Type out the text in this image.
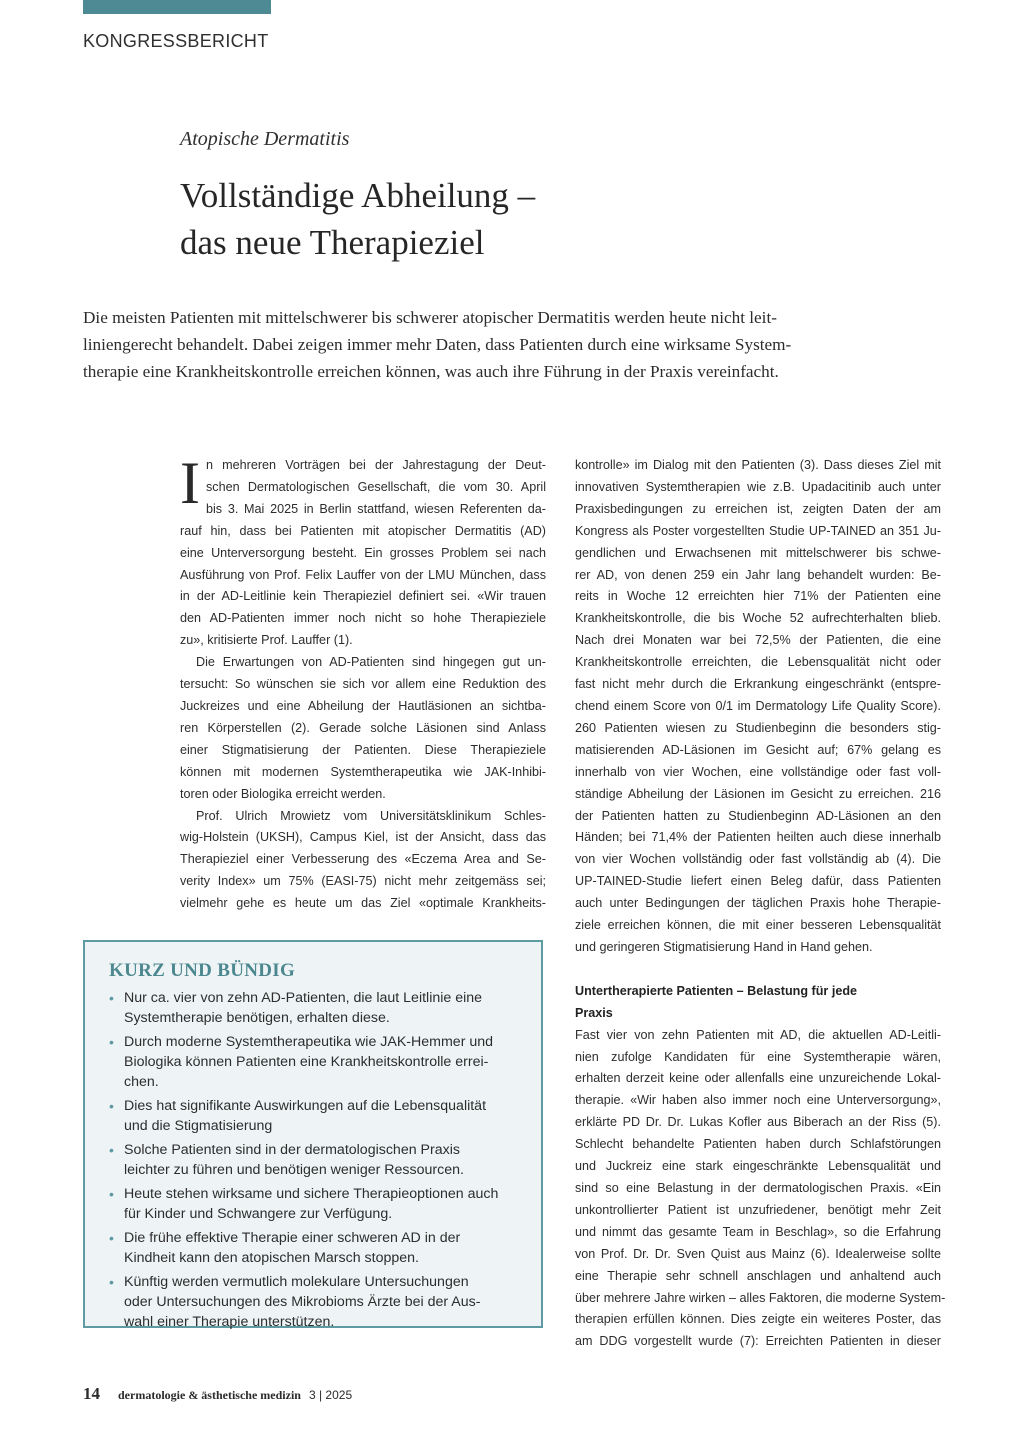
KONGRESSBERICHT
Atopische Dermatitis
Vollständige Abheilung –
das neue Therapieziel
Die meisten Patienten mit mittelschwerer bis schwerer atopischer Dermatitis werden heute nicht leit-
liniengerecht behandelt. Dabei zeigen immer mehr Daten, dass Patienten durch eine wirksame System-
therapie eine Krankheitskontrolle erreichen können, was auch ihre Führung in der Praxis vereinfacht.

I n mehreren Vorträgen bei der Jahrestagung der Deut-
schen Dermatologischen Gesellschaft, die vom 30. April
bis 3. Mai 2025 in Berlin stattfand, wiesen Referenten da-
rauf hin, dass bei Patienten mit atopischer Dermatitis (AD)
eine Unterversorgung besteht. Ein grosses Problem sei nach
Ausführung von Prof. Felix Lauffer von der LMU München, dass
in der AD-Leitlinie kein Therapieziel definiert sei. «Wir trauen
den AD-Patienten immer noch nicht so hohe Therapieziele
zu», kritisierte Prof. Lauffer (1).

Die Erwartungen von AD-Patienten sind hingegen gut un-
tersucht: So wünschen sie sich vor allem eine Reduktion des
Juckreizes und eine Abheilung der Hautläsionen an sichtba-
ren Körperstellen (2). Gerade solche Läsionen sind Anlass
einer Stigmatisierung der Patienten. Diese Therapieziele
können mit modernen Systemtherapeutika wie JAK-Inhibi-
toren oder Biologika erreicht werden.

Prof. Ulrich Mrowietz vom Universitätsklinikum Schles-
wig-Holstein (UKSH), Campus Kiel, ist der Ansicht, dass das
Therapieziel einer Verbesserung des «Eczema Area and Se-
verity Index» um 75% (EASI-75) nicht mehr zeitgemäss sei;
vielmehr gehe es heute um das Ziel «optimale Krankheits-

kontrolle» im Dialog mit den Patienten (3). Dass dieses Ziel mit
innovativen Systemtherapien wie z.B. Upadacitinib auch unter
Praxisbedingungen zu erreichen ist, zeigten Daten der am
Kongress als Poster vorgestellten Studie UP-TAINED an 351 Ju-
gendlichen und Erwachsenen mit mittelschwerer bis schwe-
rer AD, von denen 259 ein Jahr lang behandelt wurden: Be-
reits in Woche 12 erreichten hier 71% der Patienten eine
Krankheitskontrolle, die bis Woche 52 aufrechterhalten blieb.
Nach drei Monaten war bei 72,5% der Patienten, die eine
Krankheitskontrolle erreichten, die Lebensqualität nicht oder
fast nicht mehr durch die Erkrankung eingeschränkt (entspre-
chend einem Score von 0/1 im Dermatology Life Quality Score).
260 Patienten wiesen zu Studienbeginn die besonders stig-
matisierenden AD-Läsionen im Gesicht auf; 67% gelang es
innerhalb von vier Wochen, eine vollständige oder fast voll-
ständige Abheilung der Läsionen im Gesicht zu erreichen. 216
der Patienten hatten zu Studienbeginn AD-Läsionen an den
Händen; bei 71,4% der Patienten heilten auch diese innerhalb
von vier Wochen vollständig oder fast vollständig ab (4). Die
UP-TAINED-Studie liefert einen Beleg dafür, dass Patienten
auch unter Bedingungen der täglichen Praxis hohe Therapie-
ziele erreichen können, die mit einer besseren Lebensqualität
und geringeren Stigmatisierung Hand in Hand gehen.

Untertherapierte Patienten – Belastung für jede
Praxis

Fast vier von zehn Patienten mit AD, die aktuellen AD-Leitli-
nien zufolge Kandidaten für eine Systemtherapie wären,
erhalten derzeit keine oder allenfalls eine unzureichende Lokal-
therapie. «Wir haben also immer noch eine Unterversorgung»,
erklärte PD Dr. Dr. Lukas Kofler aus Biberach an der Riss (5).
Schlecht behandelte Patienten haben durch Schlafstörungen
und Juckreiz eine stark eingeschränkte Lebensqualität und
sind so eine Belastung in der dermatologischen Praxis. «Ein
unkontrollierter Patient ist unzufriedener, benötigt mehr Zeit
und nimmt das gesamte Team in Beschlag», so die Erfahrung
von Prof. Dr. Dr. Sven Quist aus Mainz (6). Idealerweise sollte
eine Therapie sehr schnell anschlagen und anhaltend auch
über mehrere Jahre wirken – alles Faktoren, die moderne System-
therapien erfüllen können. Dies zeigte ein weiteres Poster, das
am DDG vorgestellt wurde (7): Erreichten Patienten in dieser

KURZ UND BÜNDIG
• Nur ca. vier von zehn AD-Patienten, die laut Leitlinie eine
Systemtherapie benötigen, erhalten diese.
• Durch moderne Systemtherapeutika wie JAK-Hemmer und
Biologika können Patienten eine Krankheitskontrolle errei-
chen.
• Dies hat signifikante Auswirkungen auf die Lebensqualität
und die Stigmatisierung
• Solche Patienten sind in der dermatologischen Praxis
leichter zu führen und benötigen weniger Ressourcen.
• Heute stehen wirksame und sichere Therapieoptionen auch
für Kinder und Schwangere zur Verfügung.
• Die frühe effektive Therapie einer schweren AD in der
Kindheit kann den atopischen Marsch stoppen.
• Künftig werden vermutlich molekulare Untersuchungen
oder Untersuchungen des Mikrobioms Ärzte bei der Aus-
wahl einer Therapie unterstützen.
14 dermatologie & ästhetische medizin 3 | 2025
